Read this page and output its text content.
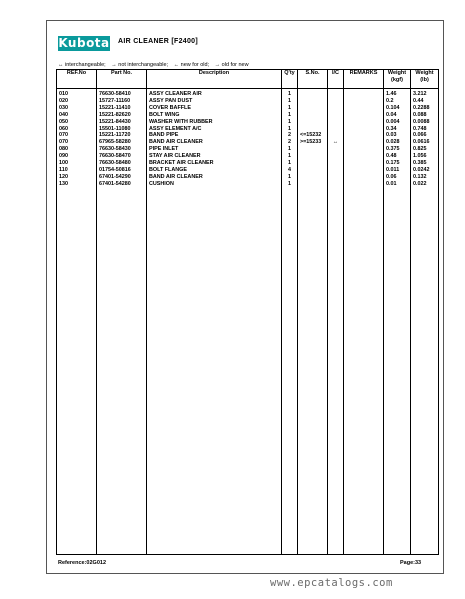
Kubota AIR CLEANER [F2400]
↔ interchangeable; → not interchangeable; ← new for old; → old for new
REF.No	Part No.	Description	Q'ty	S.No.	I/C	REMARKS	Weight (kgf)	Weight (lb)
010	76630-58410	ASSY CLEANER AIR	1				1.46	3.212
020	15727-11160	ASSY PAN DUST	1				0.2	0.44
030	15221-11410	COVER BAFFLE	1				0.104	0.2288
040	15221-82620	BOLT WING	1				0.04	0.088
050	15221-84430	WASHER WITH RUBBER	1				0.004	0.0088
060	15501-11080	ASSY ELEMENT A/C	1				0.34	0.748
070	15221-11720	BAND PIPE	2	<=15232			0.03	0.066
070	67965-58280	BAND AIR CLEANER	2	>=15233	↔		0.028	0.0616
080	76630-58430	PIPE INLET	1				0.375	0.825
090	76630-58470	STAY AIR CLEANER	1				0.48	1.056
100	76630-58480	BRACKET AIR CLEANER	1				0.175	0.385
110	01754-50816	BOLT FLANGE	4				0.011	0.0242
120	67401-54290	BAND AIR CLEANER	1				0.06	0.132
130	67401-54280	CUSHION	1				0.01	0.022

Reference:02G012	Page:33
www.epcatalogs.com
